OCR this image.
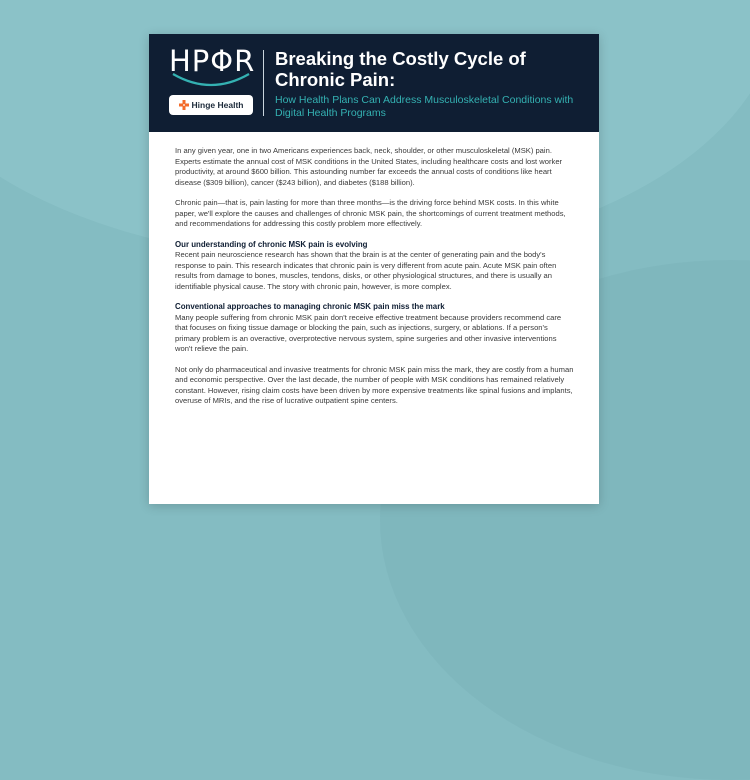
HPΦR
Hinge Health
Breaking the Costly Cycle of Chronic Pain:
How Health Plans Can Address Musculoskeletal Conditions with Digital Health Programs

In any given year, one in two Americans experiences back, neck, shoulder, or other musculoskeletal (MSK) pain. Experts estimate the annual cost of MSK conditions in the United States, including healthcare costs and lost worker productivity, at around $600 billion. This astounding number far exceeds the annual costs of conditions like heart disease ($309 billion), cancer ($243 billion), and diabetes ($188 billion).

Chronic pain—that is, pain lasting for more than three months—is the driving force behind MSK costs. In this white paper, we'll explore the causes and challenges of chronic MSK pain, the shortcomings of current treatment methods, and recommendations for addressing this costly problem more effectively.

Our understanding of chronic MSK pain is evolving

Recent pain neuroscience research has shown that the brain is at the center of generating pain and the body's response to pain. This research indicates that chronic pain is very different from acute pain. Acute MSK pain often results from damage to bones, muscles, tendons, disks, or other physiological structures, and there is usually an identifiable physical cause. The story with chronic pain, however, is more complex.

Conventional approaches to managing chronic MSK pain miss the mark

Many people suffering from chronic MSK pain don't receive effective treatment because providers recommend care that focuses on fixing tissue damage or blocking the pain, such as injections, surgery, or ablations. If a person's primary problem is an overactive, overprotective nervous system, spine surgeries and other invasive interventions won't relieve the pain.

Not only do pharmaceutical and invasive treatments for chronic MSK pain miss the mark, they are costly from a human and economic perspective. Over the last decade, the number of people with MSK conditions has remained relatively constant. However, rising claim costs have been driven by more expensive treatments like spinal fusions and implants, overuse of MRIs, and the rise of lucrative outpatient spine centers.
